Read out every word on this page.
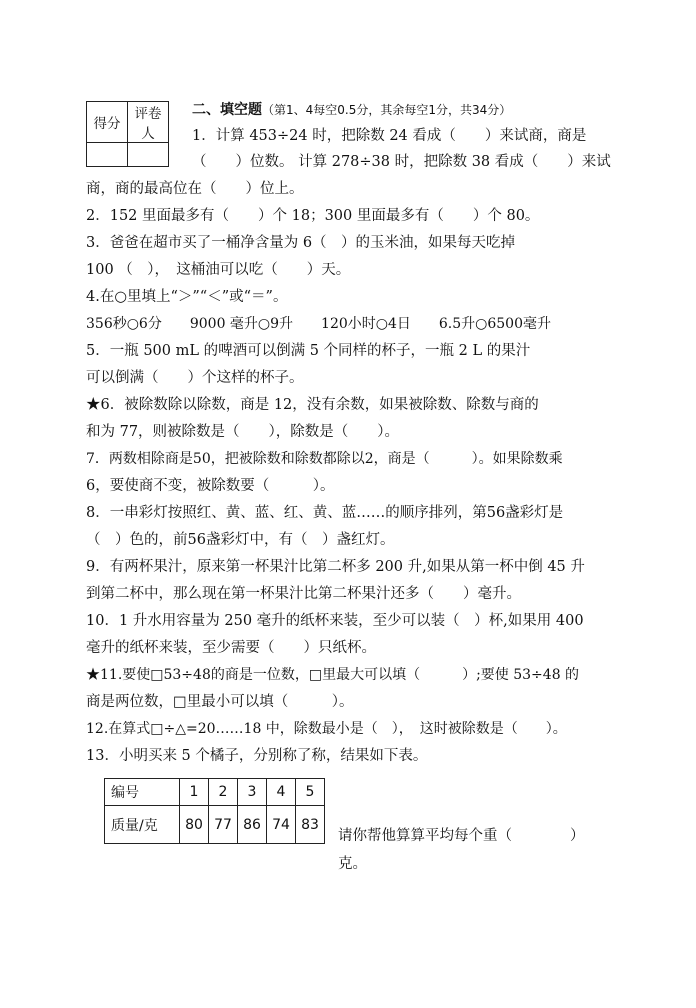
得分	评卷人

二、填空题（第1、4每空0.5分，其余每空1分，共34分）
1．计算 453÷24 时，把除数 24 看成（　　）来试商，商是
（　　）位数。 计算 278÷38 时，把除数 38 看成（　　）来试
商，商的最高位在（　　）位上。
2．152 里面最多有（　　）个 18；300 里面最多有（　　）个 80。
3．爸爸在超市买了一桶净含量为 6（　）的玉米油，如果每天吃掉
100 （　），　这桶油可以吃（　　）天。
4.在○里填上“＞”“＜”或“＝”。
356秒○6分　　9000 毫升○9升　　120小时○4日　　6.5升○6500毫升
5．一瓶 500 mL 的啤酒可以倒满 5 个同样的杯子，一瓶 2 L 的果汁
可以倒满（　　）个这样的杯子。
★6．被除数除以除数，商是 12，没有余数，如果被除数、除数与商的
和为 77，则被除数是（　　），除数是（　　）。
7．两数相除商是50，把被除数和除数都除以2，商是（　　　）。如果除数乘
6，要使商不变，被除数要（　　　）。
8．一串彩灯按照红、黄、蓝、红、黄、蓝……的顺序排列，第56盏彩灯是
（　）色的，前56盏彩灯中，有（　）盏红灯。
9．有两杯果汁，原来第一杯果汁比第二杯多 200 升,如果从第一杯中倒 45 升
到第二杯中，那么现在第一杯果汁比第二杯果汁还多（　　）毫升。
10．1 升水用容量为 250 毫升的纸杯来装，至少可以装（　）杯,如果用 400
毫升的纸杯来装，至少需要（　　）只纸杯。
★11.要使□53÷48的商是一位数，□里最大可以填（　　　）;要使 53÷48 的
商是两位数，□里最小可以填（　　　）。
12.在算式□÷△=20……18 中，除数最小是（　），　这时被除数是（　　）。
13．小明买来 5 个橘子，分别称了称，结果如下表。
编号	1	2	3	4	5
质量/克	80	77	86	74	83
请你帮他算算平均每个重（　　　　）
克。
